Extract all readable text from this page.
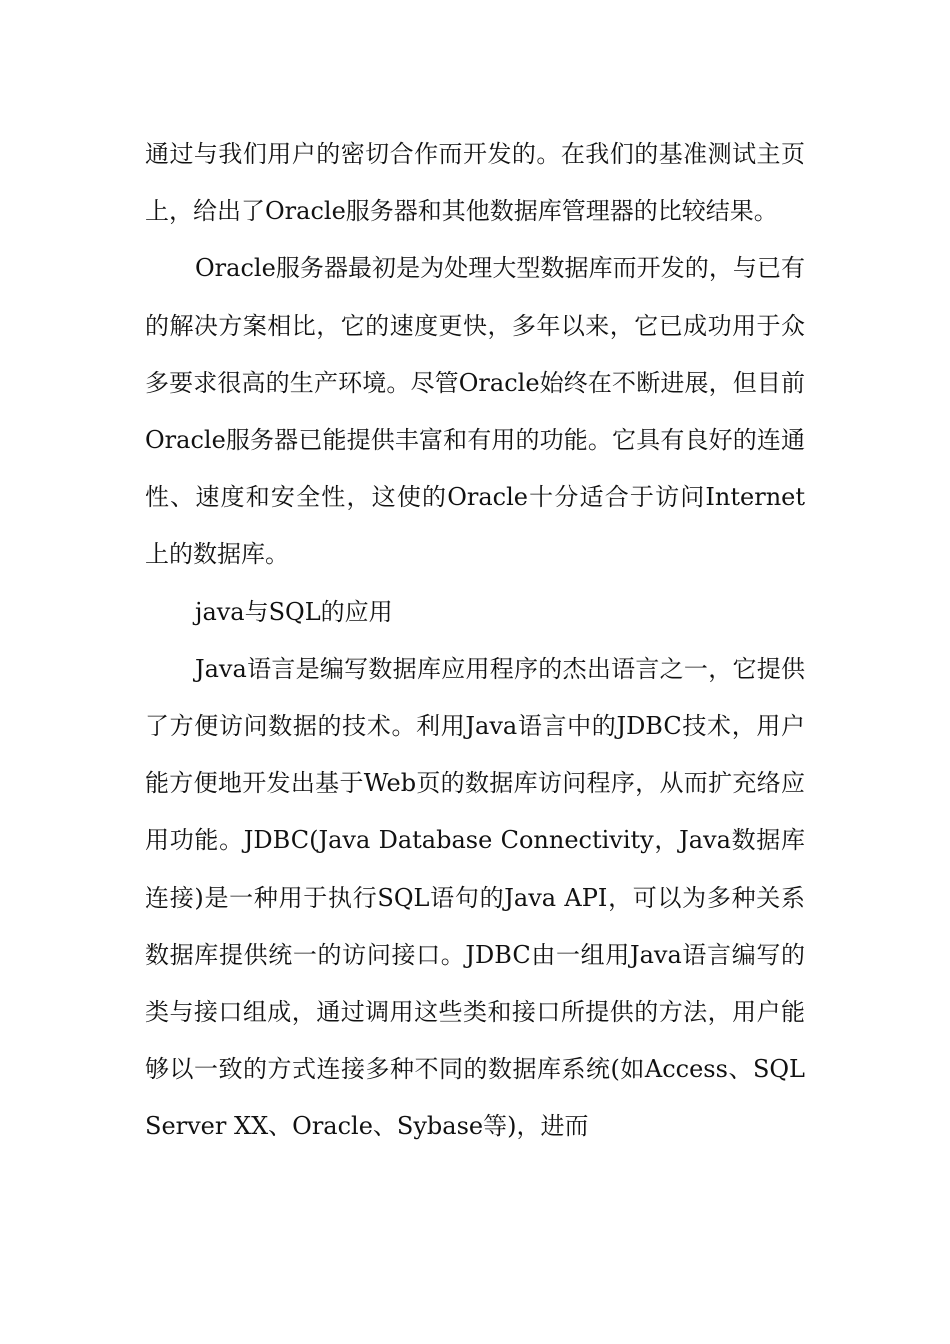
通过与我们用户的密切合作而开发的。在我们的基准测试主页上，给出了Oracle服务器和其他数据库管理器的比较结果。

Oracle服务器最初是为处理大型数据库而开发的，与已有的解决方案相比，它的速度更快，多年以来，它已成功用于众多要求很高的生产环境。尽管Oracle始终在不断进展，但目前Oracle服务器已能提供丰富和有用的功能。它具有良好的连通性、速度和安全性，这使的Oracle十分适合于访问Internet上的数据库。

java与SQL的应用

Java语言是编写数据库应用程序的杰出语言之一，它提供了方便访问数据的技术。利用Java语言中的JDBC技术，用户能方便地开发出基于Web页的数据库访问程序，从而扩充络应用功能。JDBC(Java Database Connectivity，Java数据库连接)是一种用于执行SQL语句的Java API，可以为多种关系数据库提供统一的访问接口。JDBC由一组用Java语言编写的类与接口组成，通过调用这些类和接口所提供的方法，用户能够以一致的方式连接多种不同的数据库系统(如Access、SQL Server XX、Oracle、Sybase等)，进而
